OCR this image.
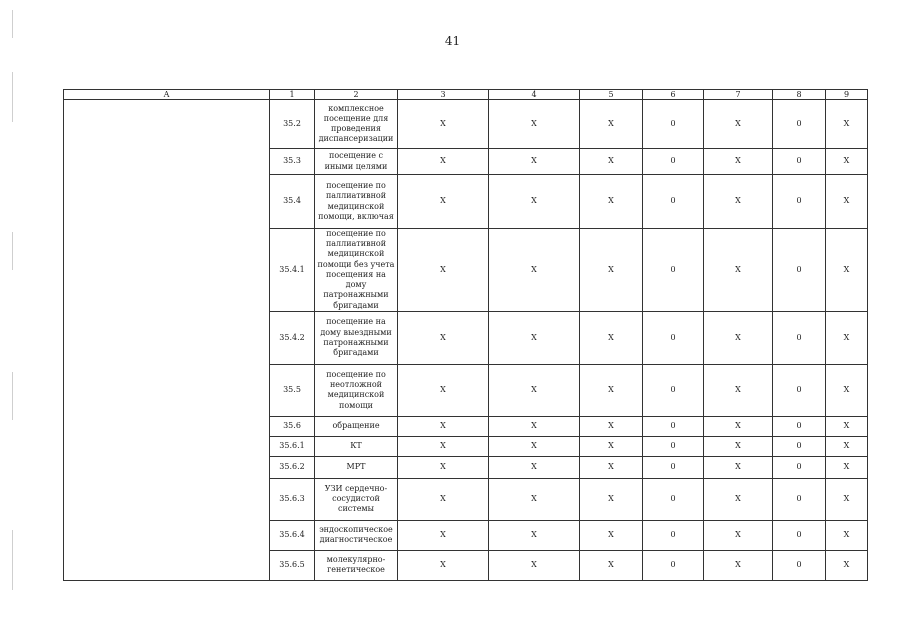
41
А	1	2	3	4	5	6	7	8	9
	35.2	комплексное посещение для проведения диспансеризации	X	X	X	0	X	0	X
	35.3	посещение с иными целями	X	X	X	0	X	0	X
	35.4	посещение по паллиативной медицинской помощи, включая	X	X	X	0	X	0	X
	35.4.1	посещение по паллиативной медицинской помощи без учета посещения на дому патронажными бригадами	X	X	X	0	X	0	X
	35.4.2	посещение на дому выездными патронажными бригадами	X	X	X	0	X	0	X
	35.5	посещение по неотложной медицинской помощи	X	X	X	0	X	0	X
	35.6	обращение	X	X	X	0	X	0	X
	35.6.1	КТ	X	X	X	0	X	0	X
	35.6.2	МРТ	X	X	X	0	X	0	X
	35.6.3	УЗИ сердечно-сосудистой системы	X	X	X	0	X	0	X
	35.6.4	эндоскопическое диагностическое	X	X	X	0	X	0	X
	35.6.5	молекулярно-генетическое	X	X	X	0	X	0	X
